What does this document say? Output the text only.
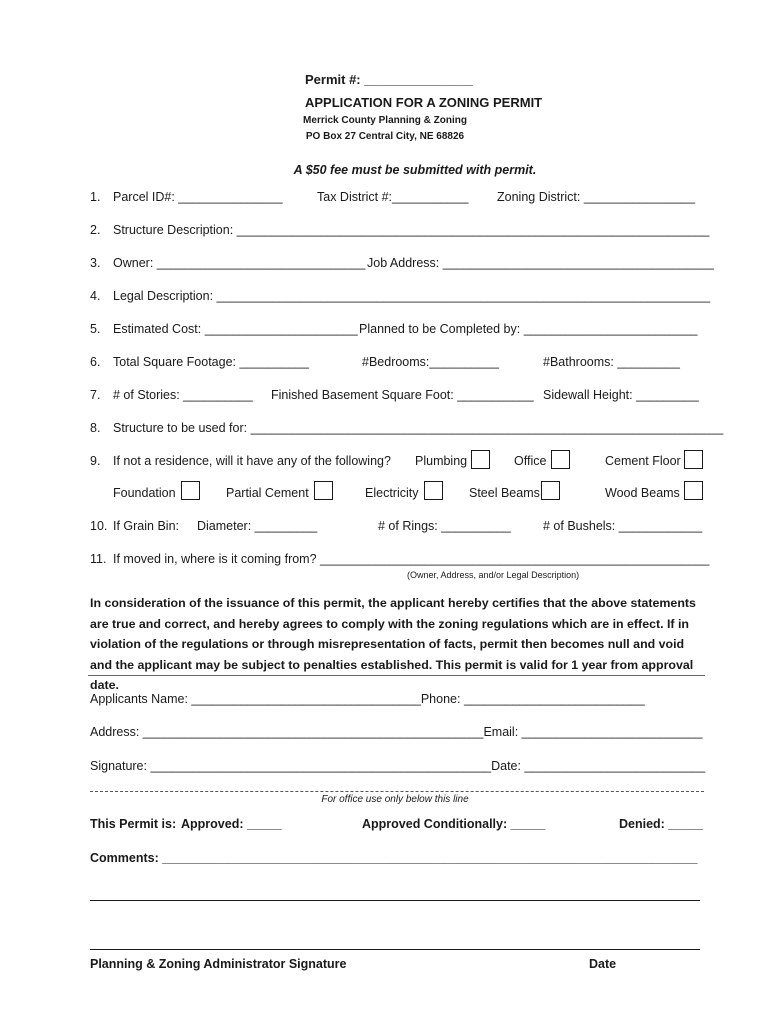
Permit #: _______________
APPLICATION FOR A ZONING PERMIT
Merrick County Planning & Zoning
PO Box 27 Central City, NE 68826
A $50 fee must be submitted with permit.
1. Parcel ID#: _______________	Tax District #:___________ Zoning District: ________________
2. Structure Description: ____________________________________________________________________
3. Owner: ______________________________ Job Address: _______________________________________
4. Legal Description: _______________________________________________________________________
5. Estimated Cost: ______________________ Planned to be Completed by: _________________________
6. Total Square Footage: __________	#Bedrooms:__________	#Bathrooms: _________
7. # of Stories: __________ Finished Basement Square Foot: ___________ Sidewall Height: _________
8. Structure to be used for: ____________________________________________________________________
9. If not a residence, will it have any of the following? Plumbing	Office	Cement Floor
Foundation	Partial Cement	Electricity	Steel Beams	Wood Beams
10. If Grain Bin: Diameter: _________	# of Rings: __________	# of Bushels: ____________
11. If moved in, where is it coming from? ________________________________________________________
(Owner, Address, and/or Legal Description)
In consideration of the issuance of this permit, the applicant hereby certifies that the above statements are true and correct, and hereby agrees to comply with the zoning regulations which are in effect. If in violation of the regulations or through misrepresentation of facts, permit then becomes null and void and the applicant may be subject to penalties established. This permit is valid for 1 year from approval date.
Applicants Name: _________________________________Phone: __________________________
Address: _________________________________________________Email: __________________________
Signature: _________________________________________________Date: __________________________
For office use only below this line
This Permit is: Approved: _____	Approved Conditionally: _____	Denied: _____
Comments: _____________________________________________________________________________
Planning & Zoning Administrator Signature	Date
